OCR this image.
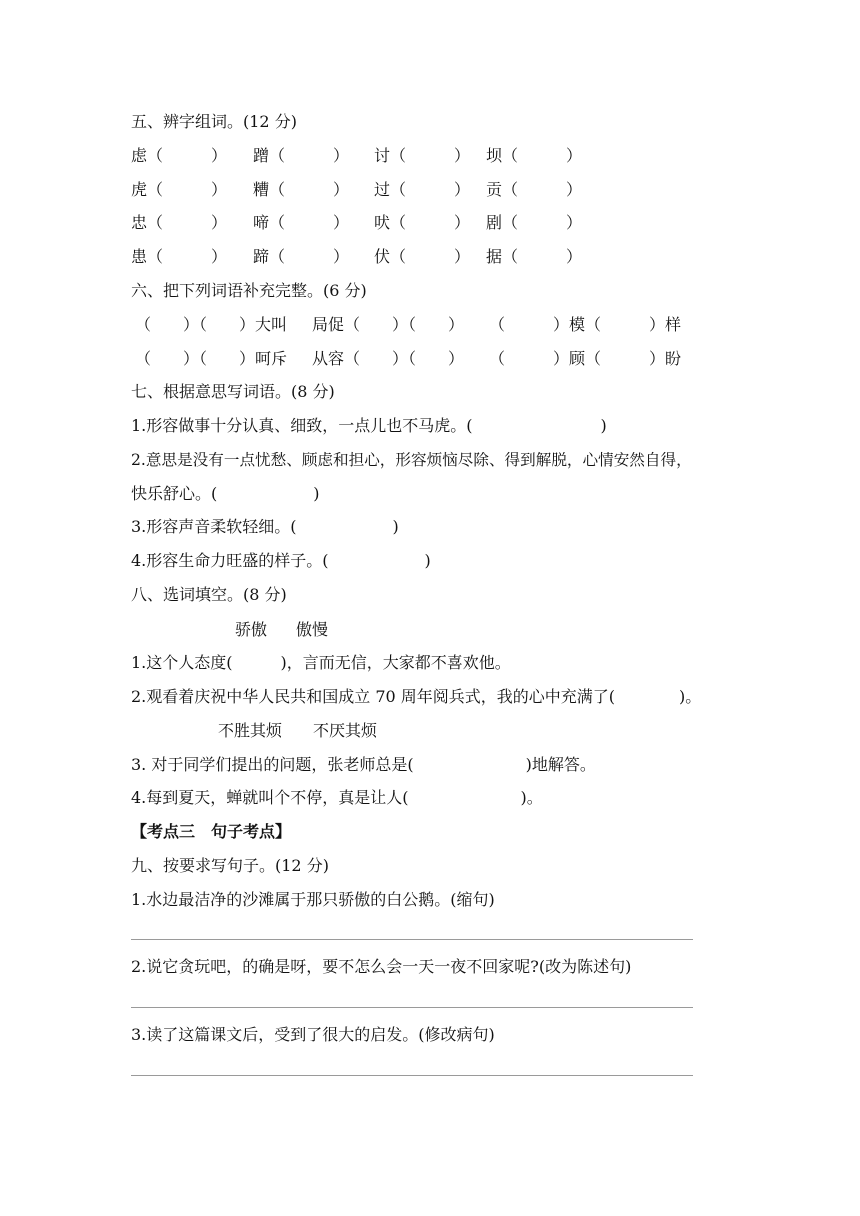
五、辨字组词。(12 分)
虑（　　　） 蹭（　　　） 讨（　　　） 坝（　　　）
虎（　　　） 糟（　　　） 过（　　　） 贡（　　　）
忠（　　　） 啼（　　　） 吠（　　　） 剧（　　　）
患（　　　） 蹄（　　　） 伏（　　　） 据（　　　）
六、把下列词语补充完整。(6 分)
（　　）（　　）大叫 局促（　　）（　　） （　　　）模（　　　）样
（　　）（　　）呵斥 从容（　　）（　　） （　　　）顾（　　　）盼
七、根据意思写词语。(8 分)
1.形容做事十分认真、细致，一点儿也不马虎。(　　　　　　　　)
2.意思是没有一点忧愁、顾虑和担心，形容烦恼尽除、得到解脱，心情安然自得，
快乐舒心。(　　　　　　)
3.形容声音柔软轻细。(　　　　　　)
4.形容生命力旺盛的样子。(　　　　　　)
八、选词填空。(8 分)
骄傲 傲慢
1.这个人态度(　　　)，言而无信，大家都不喜欢他。
2.观看着庆祝中华人民共和国成立 70 周年阅兵式，我的心中充满了(　　　　)。
不胜其烦 不厌其烦
3. 对于同学们提出的问题，张老师总是(　　　　　　　)地解答。
4.每到夏天，蝉就叫个不停，真是让人(　　　　　　　)。
【考点三　句子考点】
九、按要求写句子。(12 分)
1.水边最洁净的沙滩属于那只骄傲的白公鹅。(缩句)
2.说它贪玩吧，的确是呀，要不怎么会一天一夜不回家呢?(改为陈述句)
3.读了这篇课文后，受到了很大的启发。(修改病句)
